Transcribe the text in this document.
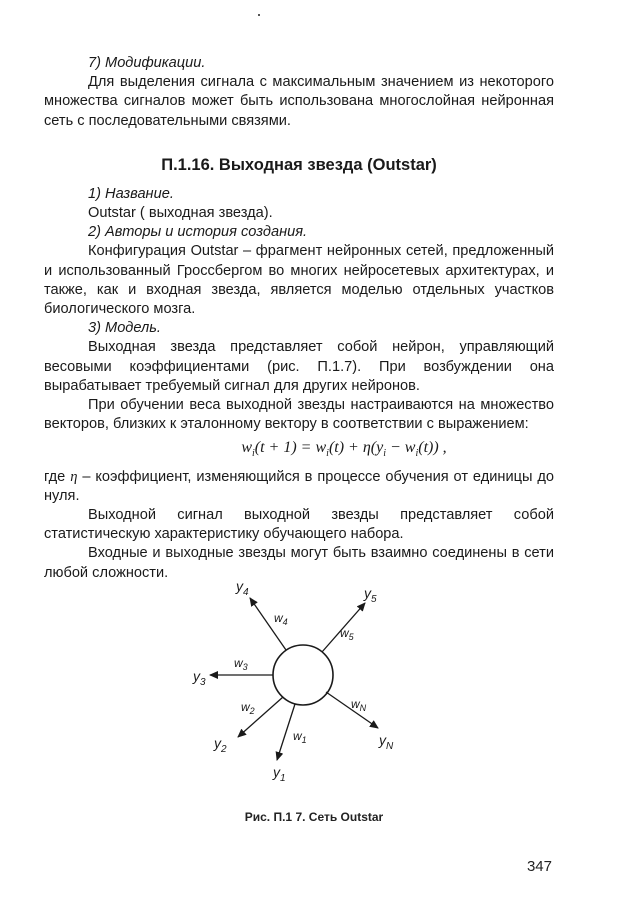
7) Модификации.

Для выделения сигнала с максимальным значением из некоторого множества сигналов может быть использована многослойная нейронная сеть с последовательными связями.

П.1.16. Выходная звезда (Outstar)

1) Название.

Outstar ( выходная звезда).

2) Авторы и история создания.

Конфигурация Outstar – фрагмент нейронных сетей, предложенный и использованный Гроссбергом во многих нейросетевых архитектурах, и также, как и входная звезда, является моделью отдельных участков биологического мозга.

3) Модель.

Выходная звезда представляет собой нейрон, управляющий весовыми коэффициентами (рис. П.1.7). При возбуждении она вырабатывает требуемый сигнал для других нейронов.

При обучении веса выходной звезды настраиваются на множество векторов, близких к эталонному вектору в соответствии с выражением:

$w_i(t + 1) = w_i(t) + \eta(y_i - w_i(t))$ ,

где η – коэффициент, изменяющийся в процессе обучения от единицы до нуля.

Выходной сигнал выходной звезды представляет собой статистическую характеристику обучающего набора.

Входные и выходные звезды могут быть взаимно соединены в сети любой сложности.

$y_4$	$y_5$
$y_3$
$y_2$
$y_1$
$y_N$
$w_4$
$w_5$
$w_3$
$w_2$
$w_1$
$w_N$
Рис. П.1 7. Сеть Outstar
347
